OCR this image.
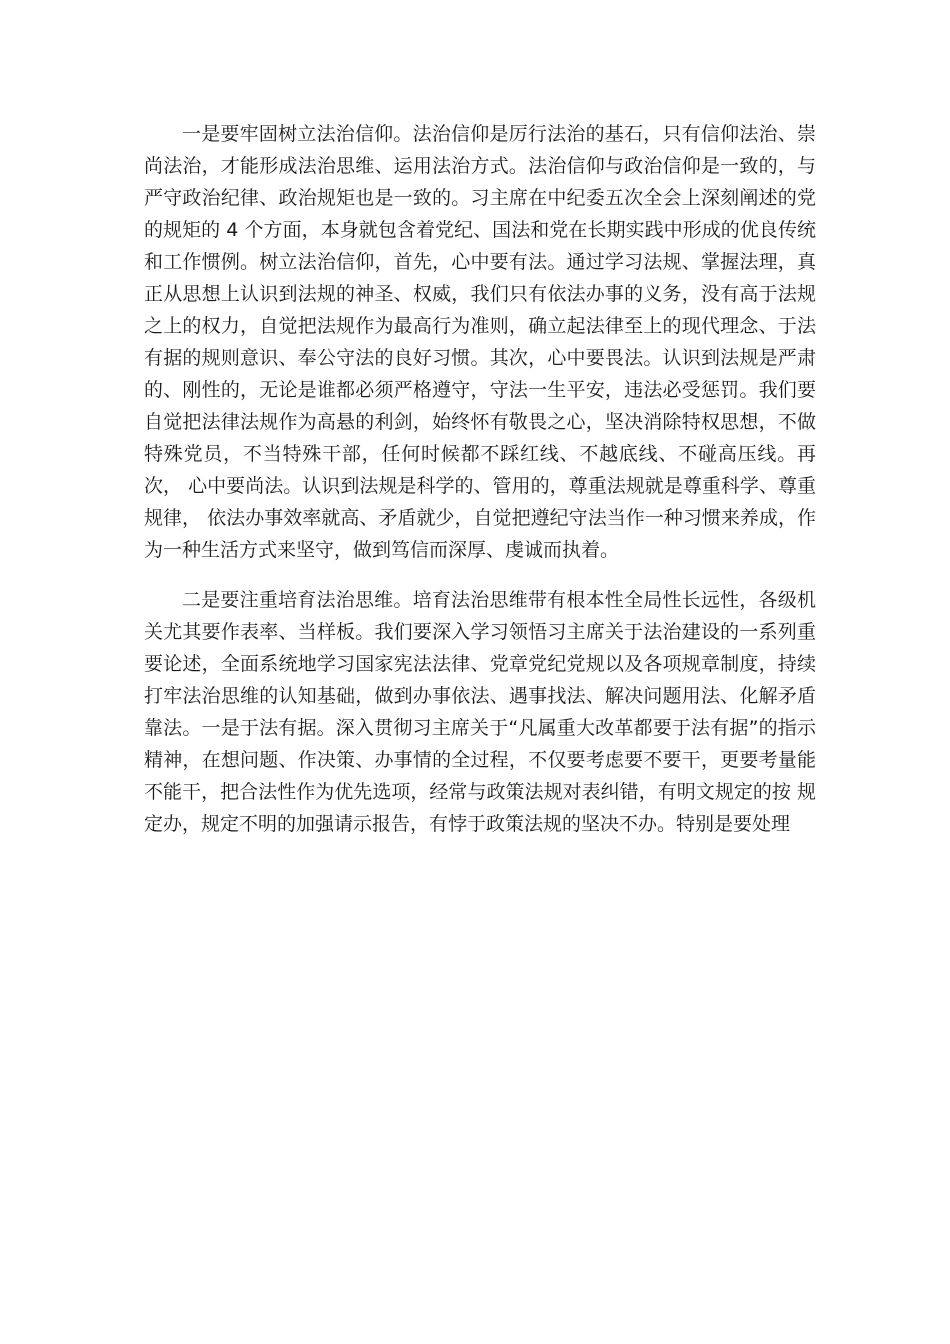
一是要牢固树立法治信仰。法治信仰是厉行法治的基石，只有信仰法治、崇尚法治，才能形成法治思维、运用法治方式。法治信仰与政治信仰是一致的，与严守政治纪律、政治规矩也是一致的。习主席在中纪委五次全会上深刻阐述的党的规矩的 4 个方面，本身就包含着党纪、国法和党在长期实践中形成的优良传统和工作惯例。树立法治信仰，首先，心中要有法。通过学习法规、掌握法理，真正从思想上认识到法规的神圣、权威，我们只有依法办事的义务，没有高于法规之上的权力，自觉把法规作为最高行为准则，确立起法律至上的现代理念、于法有据的规则意识、奉公守法的良好习惯。其次，心中要畏法。认识到法规是严肃的、刚性的，无论是谁都必须严格遵守，守法一生平安，违法必受惩罚。我们要自觉把法律法规作为高悬的利剑，始终怀有敬畏之心，坚决消除特权思想，不做特殊党员，不当特殊干部，任何时候都不踩红线、不越底线、不碰高压线。再次， 心中要尚法。认识到法规是科学的、管用的，尊重法规就是尊重科学、尊重规律， 依法办事效率就高、矛盾就少，自觉把遵纪守法当作一种习惯来养成，作为一种生活方式来坚守，做到笃信而深厚、虔诚而执着。

二是要注重培育法治思维。培育法治思维带有根本性全局性长远性，各级机关尤其要作表率、当样板。我们要深入学习领悟习主席关于法治建设的一系列重要论述，全面系统地学习国家宪法法律、党章党纪党规以及各项规章制度，持续打牢法治思维的认知基础，做到办事依法、遇事找法、解决问题用法、化解矛盾靠法。一是于法有据。深入贯彻习主席关于“凡属重大改革都要于法有据”的指示精神，在想问题、作决策、办事情的全过程，不仅要考虑要不要干，更要考量能不能干，把合法性作为优先选项，经常与政策法规对表纠错，有明文规定的按 规定办，规定不明的加强请示报告，有悖于政策法规的坚决不办。特别是要处理
